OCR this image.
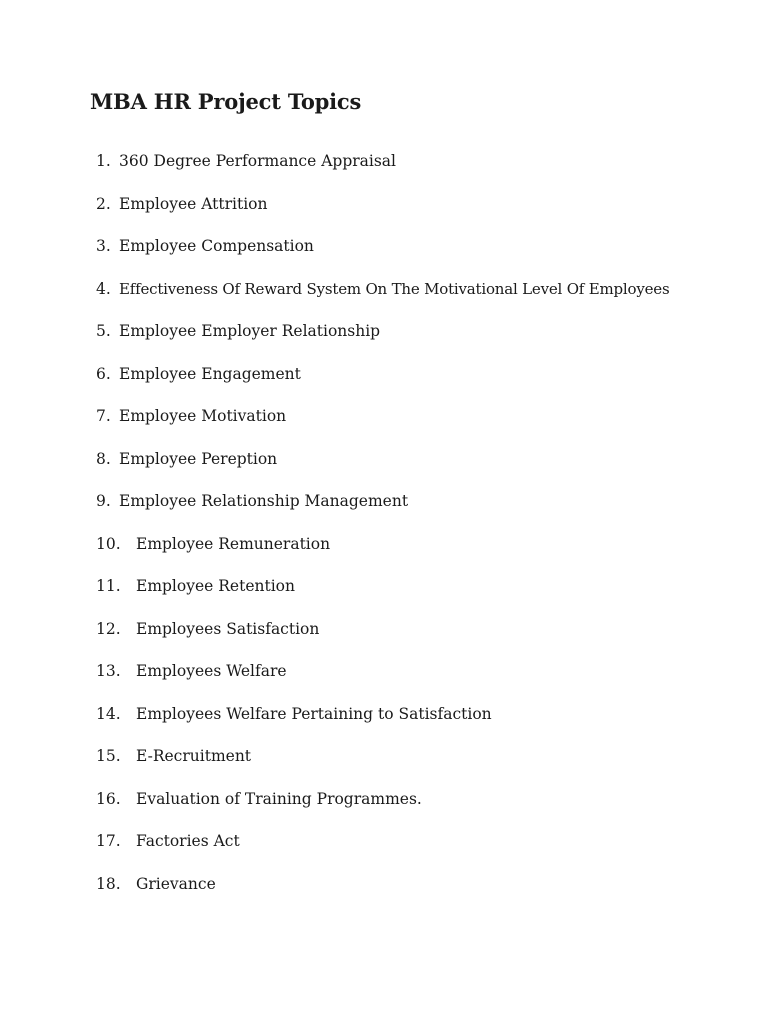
MBA HR Project Topics
1. 360 Degree Performance Appraisal
2. Employee Attrition
3. Employee Compensation
4. Effectiveness Of Reward System On The Motivational Level Of Employees
5. Employee Employer Relationship
6. Employee Engagement
7. Employee Motivation
8. Employee Pereption
9. Employee Relationship Management
10. Employee Remuneration
11. Employee Retention
12. Employees Satisfaction
13. Employees Welfare
14. Employees Welfare Pertaining to Satisfaction
15. E-Recruitment
16. Evaluation of Training Programmes.
17. Factories Act
18. Grievance
